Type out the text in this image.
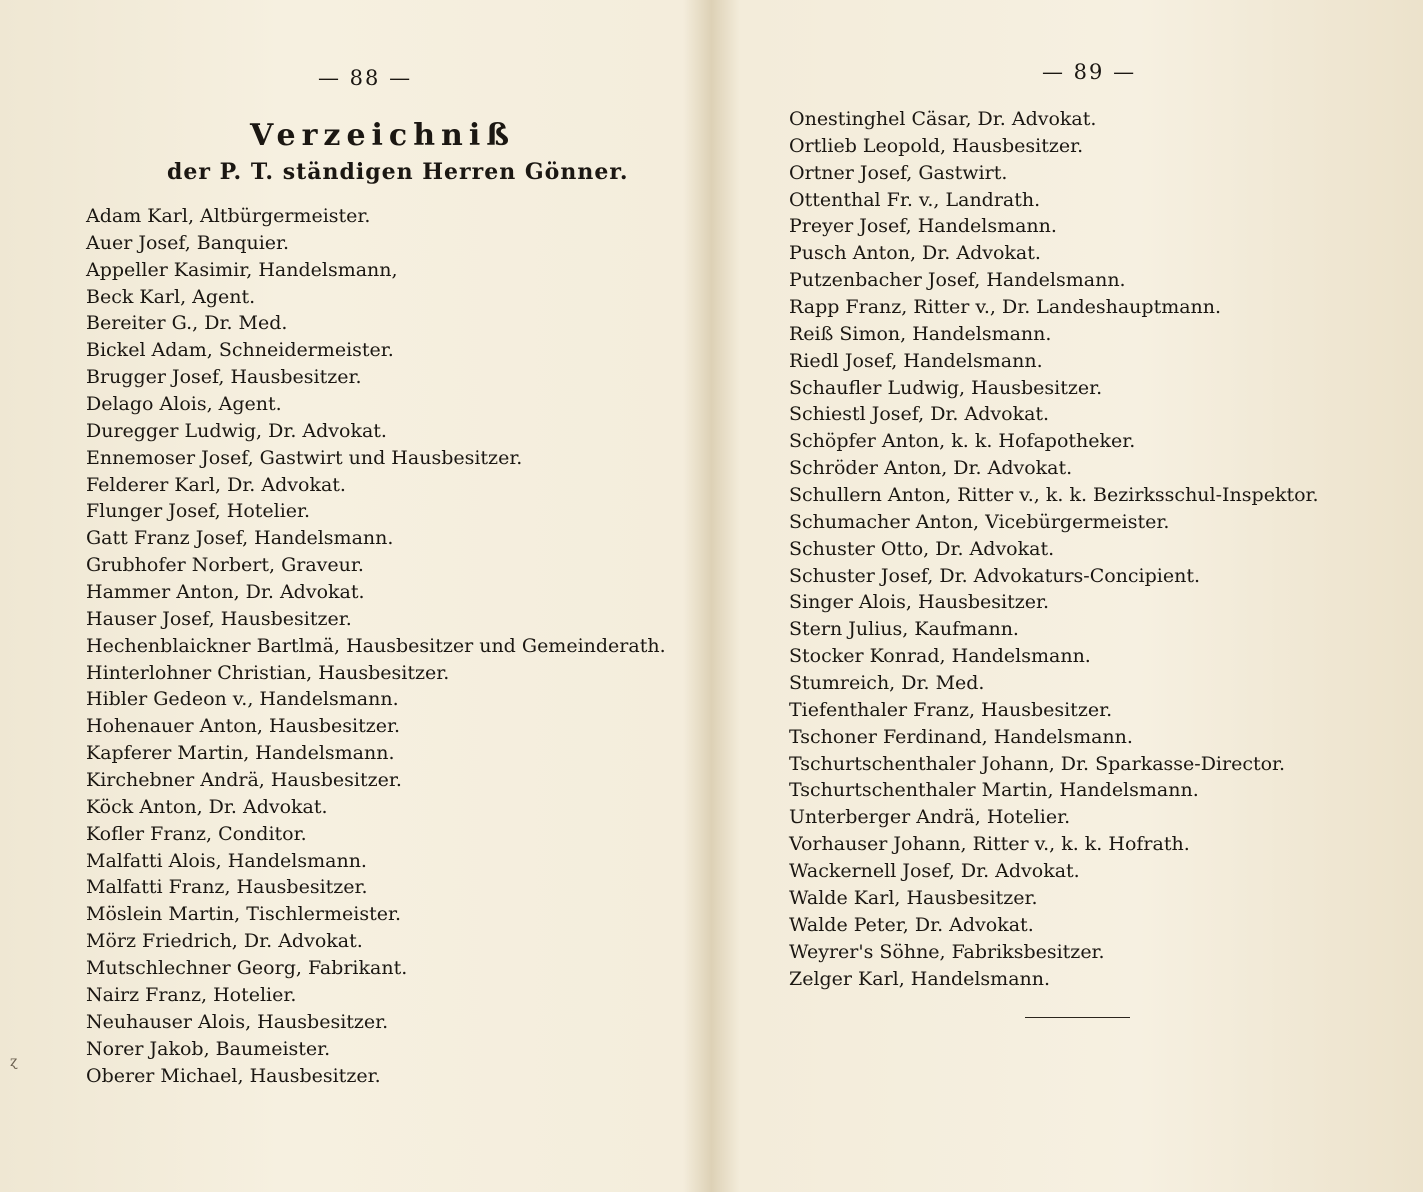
— 88 —
Verzeichniß
der P. T. ständigen Herren Gönner.
Adam Karl, Altbürgermeister.
Auer Josef, Banquier.
Appeller Kasimir, Handelsmann,
Beck Karl, Agent.
Bereiter G., Dr. Med.
Bickel Adam, Schneidermeister.
Brugger Josef, Hausbesitzer.
Delago Alois, Agent.
Duregger Ludwig, Dr. Advokat.
Ennemoser Josef, Gastwirt und Hausbesitzer.
Felderer Karl, Dr. Advokat.
Flunger Josef, Hotelier.
Gatt Franz Josef, Handelsmann.
Grubhofer Norbert, Graveur.
Hammer Anton, Dr. Advokat.
Hauser Josef, Hausbesitzer.
Hechenblaickner Bartlmä, Hausbesitzer und Gemeinderath.
Hinterlohner Christian, Hausbesitzer.
Hibler Gedeon v., Handelsmann.
Hohenauer Anton, Hausbesitzer.
Kapferer Martin, Handelsmann.
Kirchebner Andrä, Hausbesitzer.
Köck Anton, Dr. Advokat.
Kofler Franz, Conditor.
Malfatti Alois, Handelsmann.
Malfatti Franz, Hausbesitzer.
Möslein Martin, Tischlermeister.
Mörz Friedrich, Dr. Advokat.
Mutschlechner Georg, Fabrikant.
Nairz Franz, Hotelier.
Neuhauser Alois, Hausbesitzer.
Norer Jakob, Baumeister.
Oberer Michael, Hausbesitzer.
ɀ
— 89 —
Onestinghel Cäsar, Dr. Advokat.
Ortlieb Leopold, Hausbesitzer.
Ortner Josef, Gastwirt.
Ottenthal Fr. v., Landrath.
Preyer Josef, Handelsmann.
Pusch Anton, Dr. Advokat.
Putzenbacher Josef, Handelsmann.
Rapp Franz, Ritter v., Dr. Landeshauptmann.
Reiß Simon, Handelsmann.
Riedl Josef, Handelsmann.
Schaufler Ludwig, Hausbesitzer.
Schiestl Josef, Dr. Advokat.
Schöpfer Anton, k. k. Hofapotheker.
Schröder Anton, Dr. Advokat.
Schullern Anton, Ritter v., k. k. Bezirksschul-Inspektor.
Schumacher Anton, Vicebürgermeister.
Schuster Otto, Dr. Advokat.
Schuster Josef, Dr. Advokaturs-Concipient.
Singer Alois, Hausbesitzer.
Stern Julius, Kaufmann.
Stocker Konrad, Handelsmann.
Stumreich, Dr. Med.
Tiefenthaler Franz, Hausbesitzer.
Tschoner Ferdinand, Handelsmann.
Tschurtschenthaler Johann, Dr. Sparkasse-Director.
Tschurtschenthaler Martin, Handelsmann.
Unterberger Andrä, Hotelier.
Vorhauser Johann, Ritter v., k. k. Hofrath.
Wackernell Josef, Dr. Advokat.
Walde Karl, Hausbesitzer.
Walde Peter, Dr. Advokat.
Weyrer's Söhne, Fabriksbesitzer.
Zelger Karl, Handelsmann.
